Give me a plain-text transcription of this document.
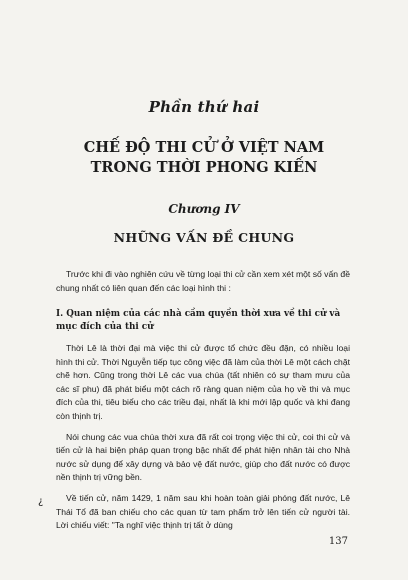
Phần thứ hai
CHẾ ĐỘ THI CỬ Ở VIỆT NAM
TRONG THỜI PHONG KIẾN
Chương IV
NHỮNG VẤN ĐỀ CHUNG

Trước khi đi vào nghiên cứu về từng loại thi cử cần xem xét một số vấn đề chung nhất có liên quan đến các loại hình thi :

I. Quan niệm của các nhà cầm quyền thời xưa về thi cử và mục đích của thi cử

Thời Lê là thời đại mà việc thi cử được tổ chức đều đặn, có nhiều loại hình thi cử. Thời Nguyễn tiếp tục công việc đã làm của thời Lê một cách chặt chẽ hơn. Cũng trong thời Lê các vua chúa (tất nhiên có sự tham mưu của các sĩ phu) đã phát biểu một cách rõ ràng quan niệm của họ về thi và mục đích của thi, tiêu biểu cho các triều đại, nhất là khi mới lập quốc và khi đang còn thịnh trị.

Nói chung các vua chúa thời xưa đã rất coi trọng việc thi cử, coi thi cử và tiến cử là hai biện pháp quan trọng bậc nhất để phát hiện nhân tài cho Nhà nước sử dụng để xây dựng và bảo vệ đất nước, giúp cho đất nước có được nền thịnh trị vững bền.

Về tiến cử, năm 1429, 1 năm sau khi hoàn toàn giải phóng đất nước, Lê Thái Tổ đã ban chiếu cho các quan từ tam phẩm trở lên tiến cử người tài. Lời chiếu viết: "Ta nghĩ việc thịnh trị tất ở dùng

¿
137
